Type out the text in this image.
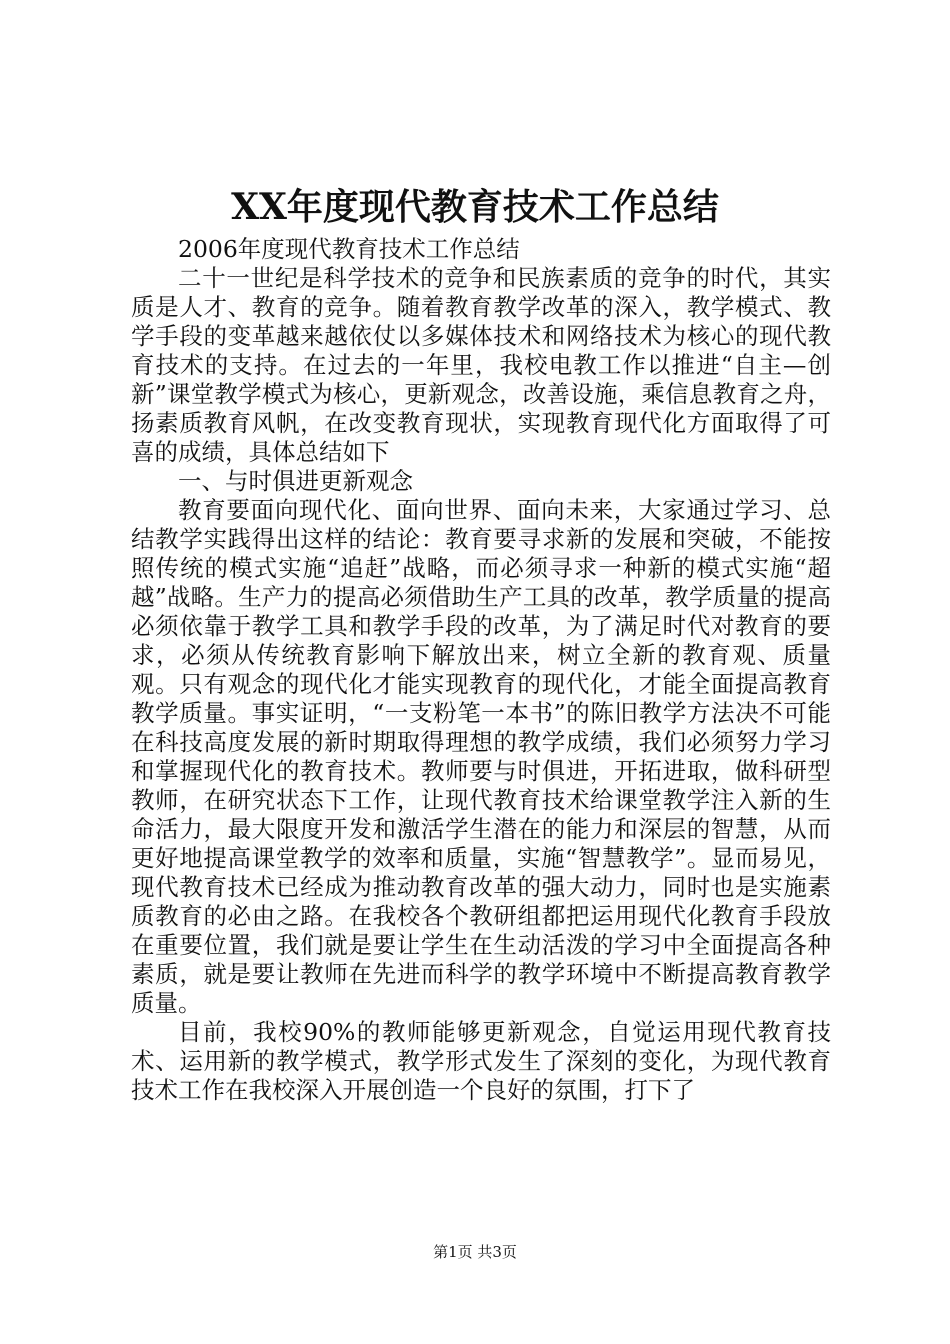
XX年度现代教育技术工作总结

2006年度现代教育技术工作总结

二十一世纪是科学技术的竞争和民族素质的竞争的时代，其实质是人才、教育的竞争。随着教育教学改革的深入，教学模式、教学手段的变革越来越依仗以多媒体技术和网络技术为核心的现代教育技术的支持。在过去的一年里，我校电教工作以推进“自主—创新”课堂教学模式为核心，更新观念，改善设施，乘信息教育之舟，扬素质教育风帆，在改变教育现状，实现教育现代化方面取得了可喜的成绩，具体总结如下

一、与时俱进更新观念

教育要面向现代化、面向世界、面向未来，大家通过学习、总结教学实践得出这样的结论：教育要寻求新的发展和突破，不能按照传统的模式实施“追赶”战略，而必须寻求一种新的模式实施“超越”战略。生产力的提高必须借助生产工具的改革，教学质量的提高必须依靠于教学工具和教学手段的改革，为了满足时代对教育的要求，必须从传统教育影响下解放出来，树立全新的教育观、质量观。只有观念的现代化才能实现教育的现代化，才能全面提高教育教学质量。事实证明，“一支粉笔一本书”的陈旧教学方法决不可能在科技高度发展的新时期取得理想的教学成绩，我们必须努力学习和掌握现代化的教育技术。教师要与时俱进，开拓进取，做科研型教师，在研究状态下工作，让现代教育技术给课堂教学注入新的生命活力，最大限度开发和激活学生潜在的能力和深层的智慧，从而更好地提高课堂教学的效率和质量，实施“智慧教学”。显而易见，现代教育技术已经成为推动教育改革的强大动力，同时也是实施素质教育的必由之路。在我校各个教研组都把运用现代化教育手段放在重要位置，我们就是要让学生在生动活泼的学习中全面提高各种素质，就是要让教师在先进而科学的教学环境中不断提高教育教学质量。

目前，我校90%的教师能够更新观念，自觉运用现代教育技术、运用新的教学模式，教学形式发生了深刻的变化，为现代教育技术工作在我校深入开展创造一个良好的氛围，打下了

第1页 共3页
